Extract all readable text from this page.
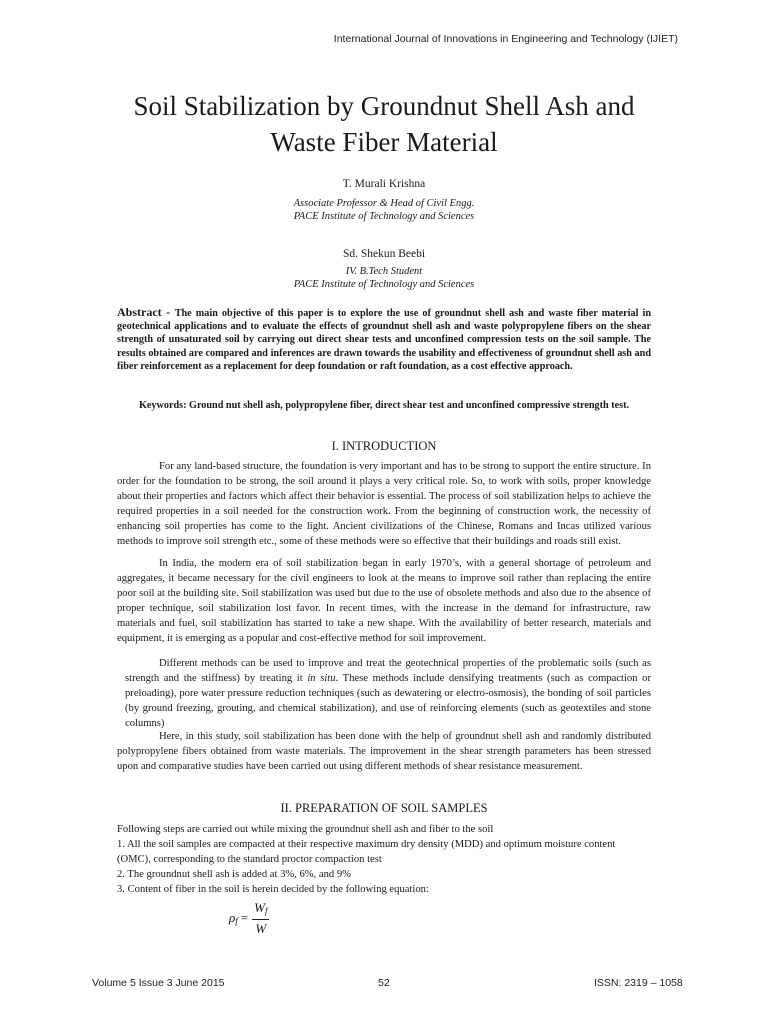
International Journal of Innovations in Engineering and Technology (IJIET)
Soil Stabilization by Groundnut Shell Ash and
Waste Fiber Material
T. Murali Krishna
Associate Professor & Head of Civil Engg.
PACE Institute of Technology and Sciences
Sd. Shekun Beebi
IV. B.Tech Student
PACE Institute of Technology and Sciences

Abstract - The main objective of this paper is to explore the use of groundnut shell ash and waste fiber material in geotechnical applications and to evaluate the effects of groundnut shell ash and waste polypropylene fibers on the shear strength of unsaturated soil by carrying out direct shear tests and unconfined compression tests on the soil sample. The results obtained are compared and inferences are drawn towards the usability and effectiveness of groundnut shell ash and fiber reinforcement as a replacement for deep foundation or raft foundation, as a cost effective approach.

Keywords: Ground nut shell ash, polypropylene fiber, direct shear test and unconfined compressive strength test.
I. INTRODUCTION

For any land-based structure, the foundation is very important and has to be strong to support the entire structure. In order for the foundation to be strong, the soil around it plays a very critical role. So, to work with soils, proper knowledge about their properties and factors which affect their behavior is essential. The process of soil stabilization helps to achieve the required properties in a soil needed for the construction work. From the beginning of construction work, the necessity of enhancing soil properties has come to the light. Ancient civilizations of the Chinese, Romans and Incas utilized various methods to improve soil strength etc., some of these methods were so effective that their buildings and roads still exist.

In India, the modern era of soil stabilization began in early 1970’s, with a general shortage of petroleum and aggregates, it became necessary for the civil engineers to look at the means to improve soil rather than replacing the entire poor soil at the building site. Soil stabilization was used but due to the use of obsolete methods and also due to the absence of proper technique, soil stabilization lost favor. In recent times, with the increase in the demand for infrastructure, raw materials and fuel, soil stabilization has started to take a new shape. With the availability of better research, materials and equipment, it is emerging as a popular and cost-effective method for soil improvement.

Different methods can be used to improve and treat the geotechnical properties of the problematic soils (such as strength and the stiffness) by treating it in situ. These methods include densifying treatments (such as compaction or preloading), pore water pressure reduction techniques (such as dewatering or electro-osmosis), the bonding of soil particles (by ground freezing, grouting, and chemical stabilization), and use of reinforcing elements (such as geotextiles and stone columns)

Here, in this study, soil stabilization has been done with the help of groundnut shell ash and randomly distributed polypropylene fibers obtained from waste materials. The improvement in the shear strength parameters has been stressed upon and comparative studies have been carried out using different methods of shear resistance measurement.

II. PREPARATION OF SOIL SAMPLES
Following steps are carried out while mixing the groundnut shell ash and fiber to the soil
1. All the soil samples are compacted at their respective maximum dry density (MDD) and optimum moisture content (OMC), corresponding to the standard proctor compaction test
2. The groundnut shell ash is added at 3%, 6%, and 9%
3. Content of fiber in the soil is herein decided by the following equation:
$\rho_f = \frac{W_f}{W}$
Volume 5 Issue 3 June 2015	52	ISSN: 2319 – 1058
